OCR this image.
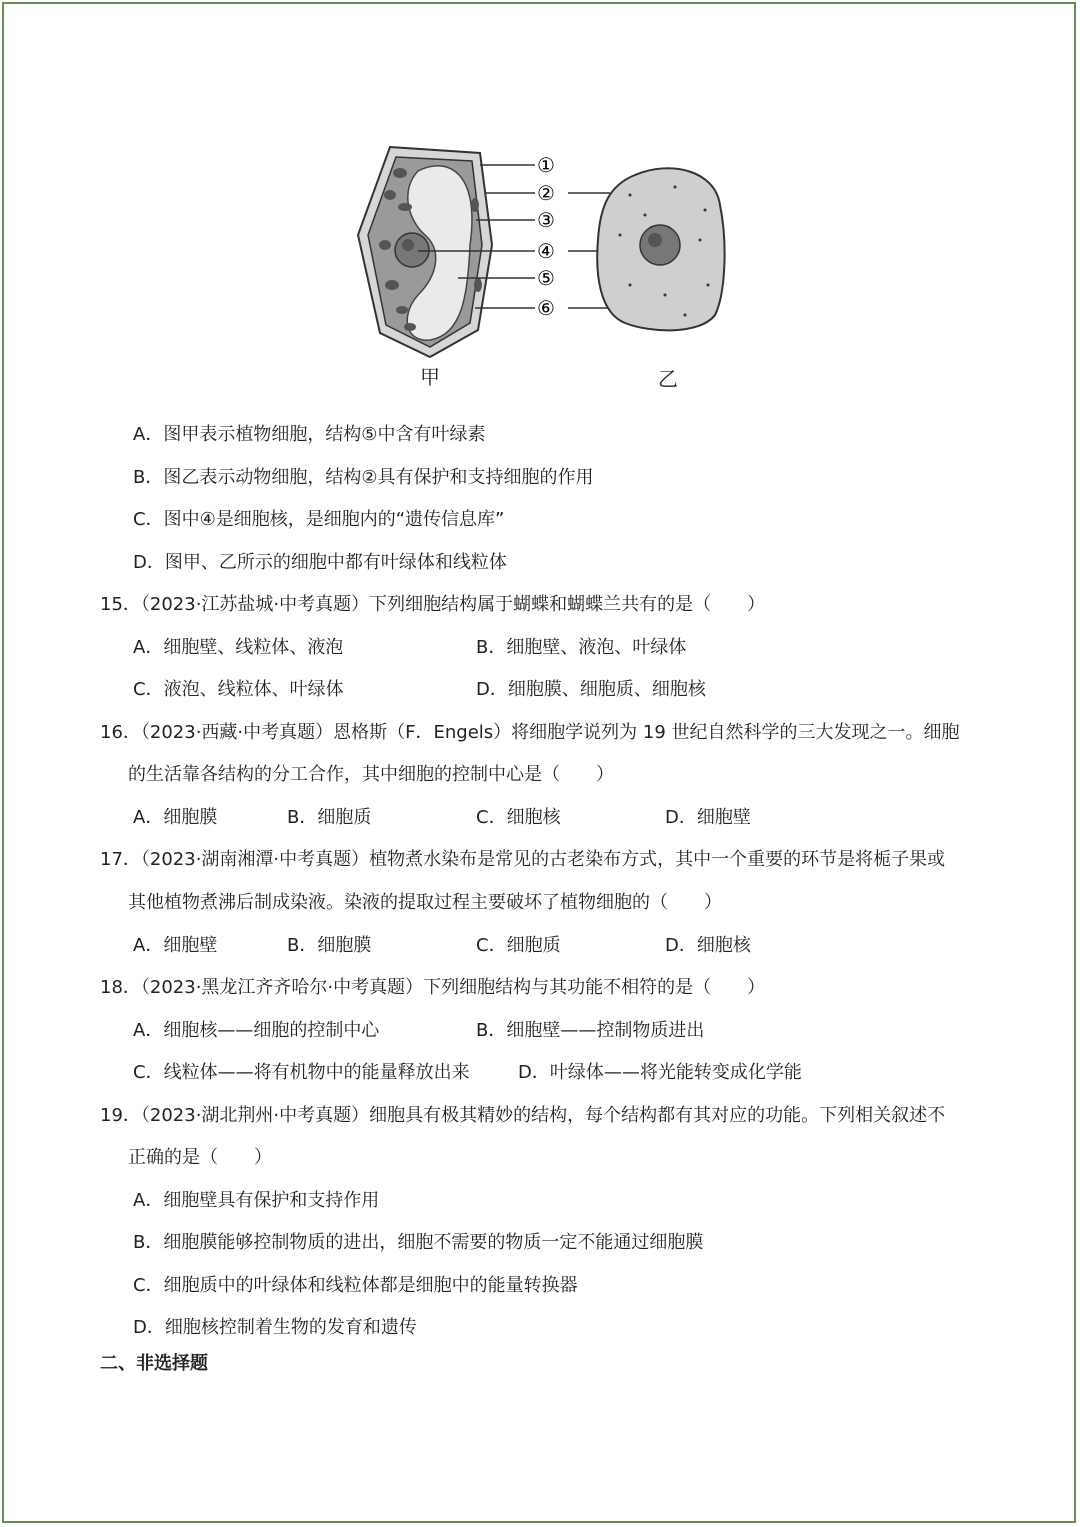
①
②
③
④
⑤
⑥
甲	乙
A．图甲表示植物细胞，结构⑤中含有叶绿素
B．图乙表示动物细胞，结构②具有保护和支持细胞的作用
C．图中④是细胞核，是细胞内的“遗传信息库”
D．图甲、乙所示的细胞中都有叶绿体和线粒体
15．（2023·江苏盐城·中考真题）下列细胞结构属于蝴蝶和蝴蝶兰共有的是（　　）
A．细胞壁、线粒体、液泡	B．细胞壁、液泡、叶绿体
C．液泡、线粒体、叶绿体	D．细胞膜、细胞质、细胞核
16．（2023·西藏·中考真题）恩格斯（F．Engels）将细胞学说列为 19 世纪自然科学的三大发现之一。细胞
的生活靠各结构的分工合作，其中细胞的控制中心是（　　）
A．细胞膜	B．细胞质	C．细胞核	D．细胞壁
17．（2023·湖南湘潭·中考真题）植物煮水染布是常见的古老染布方式，其中一个重要的环节是将栀子果或
其他植物煮沸后制成染液。染液的提取过程主要破坏了植物细胞的（　　）
A．细胞壁	B．细胞膜	C．细胞质	D．细胞核
18．（2023·黑龙江齐齐哈尔·中考真题）下列细胞结构与其功能不相符的是（　　）
A．细胞核——细胞的控制中心	B．细胞壁——控制物质进出
C．线粒体——将有机物中的能量释放出来	D．叶绿体——将光能转变成化学能
19．（2023·湖北荆州·中考真题）细胞具有极其精妙的结构，每个结构都有其对应的功能。下列相关叙述不
正确的是（　　）
A．细胞壁具有保护和支持作用
B．细胞膜能够控制物质的进出，细胞不需要的物质一定不能通过细胞膜
C．细胞质中的叶绿体和线粒体都是细胞中的能量转换器
D．细胞核控制着生物的发育和遗传
二、非选择题
